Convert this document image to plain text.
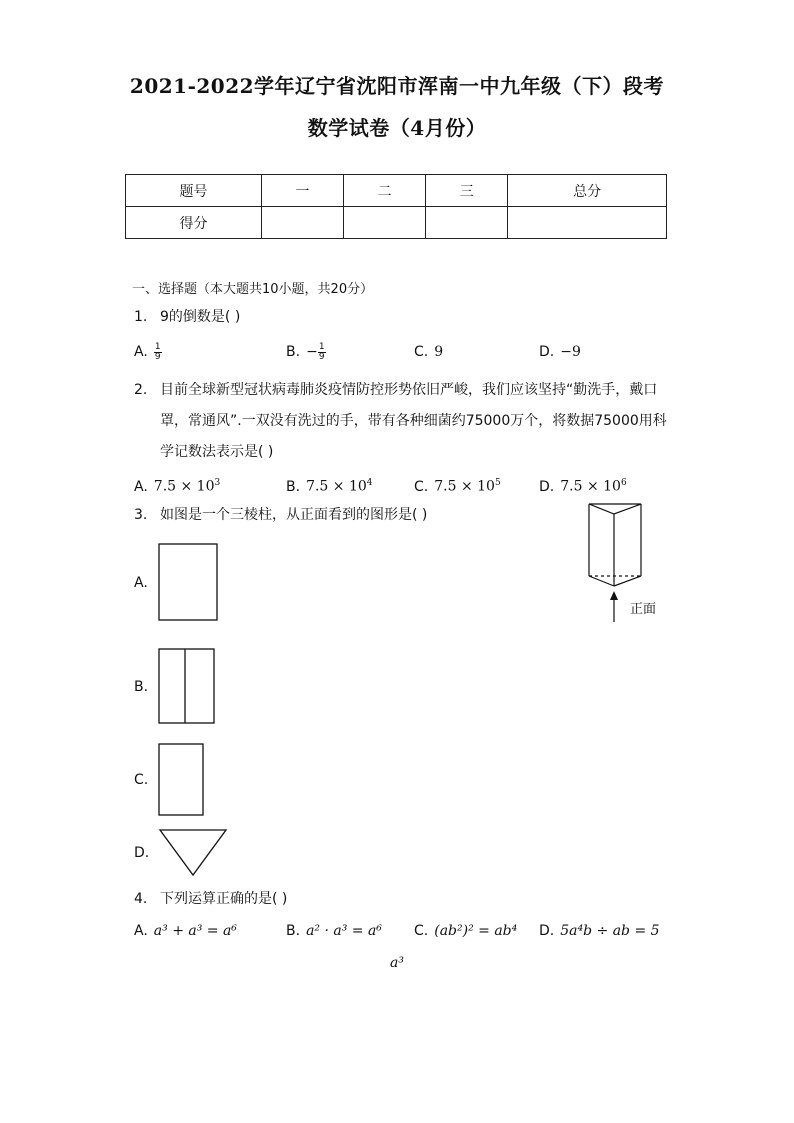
2021-2022学年辽宁省沈阳市浑南一中九年级（下）段考
数学试卷（4月份）
题号	一	二	三	总分
得分				
一、选择题（本大题共10小题，共20分）
1. 9的倒数是( )
A. $\frac{1}{9}$	B. − $\frac{1}{9}$	C. 9	D. −9
2. 目前全球新型冠状病毒肺炎疫情防控形势依旧严峻，我们应该坚持“勤洗手，戴口
罩，常通风”.一双没有洗过的手，带有各种细菌约75000万个，将数据75000用科
学记数法表示是( )
A. $7.5 \times 10^3$	B. $7.5 \times 10^4$	C. $7.5 \times 10^5$	D. $7.5 \times 10^6$
3. 如图是一个三棱柱，从正面看到的图形是( )
正面
A.
B.
C.
D.
4. 下列运算正确的是( )
A. a³ + a³ = a⁶	B. a² · a³ = a⁶ C. (ab²)² = ab⁴ D. 5a⁴b ÷ ab = 5
a³
